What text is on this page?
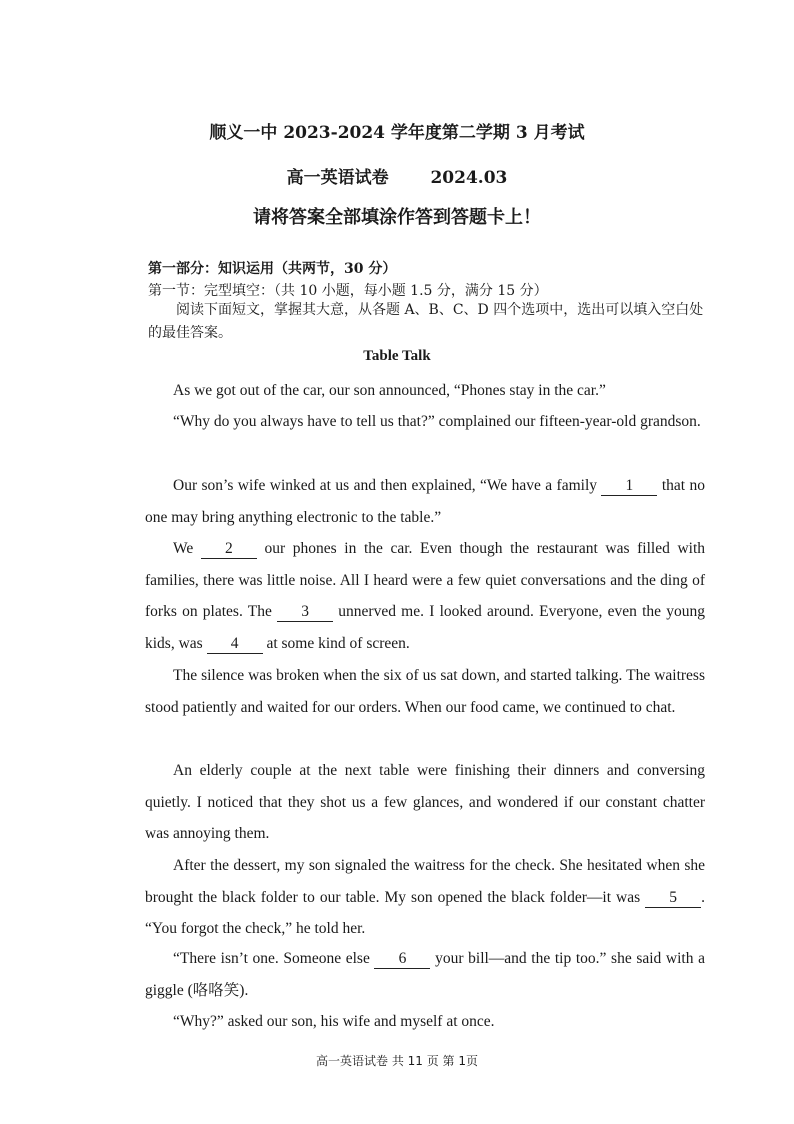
顺义一中 2023-2024 学年度第二学期 3 月考试
高一英语试卷 2024.03
请将答案全部填涂作答到答题卡上！
第一部分：知识运用（共两节，30 分）
第一节：完型填空：（共 10 小题，每小题 1.5 分，满分 15 分）
阅读下面短文，掌握其大意，从各题 A、B、C、D 四个选项中，选出可以填入空白处的最佳答案。
Table Talk
As we got out of the car, our son announced, “Phones stay in the car.”
“Why do you always have to tell us that?” complained our fifteen-year-old grandson.
Our son’s wife winked at us and then explained, “We have a family 1 that no one may bring anything electronic to the table.”
We 2 our phones in the car. Even though the restaurant was filled with families, there was little noise. All I heard were a few quiet conversations and the ding of forks on plates. The 3 unnerved me. I looked around. Everyone, even the young kids, was 4 at some kind of screen.
The silence was broken when the six of us sat down, and started talking. The waitress stood patiently and waited for our orders. When our food came, we continued to chat.
An elderly couple at the next table were finishing their dinners and conversing quietly. I noticed that they shot us a few glances, and wondered if our constant chatter was annoying them.
After the dessert, my son signaled the waitress for the check. She hesitated when she brought the black folder to our table. My son opened the black folder—it was 5 . “You forgot the check,” he told her.
“There isn’t one. Someone else 6 your bill—and the tip too.” she said with a giggle (咯咯笑).
“Why?” asked our son, his wife and myself at once.
高一英语试卷 共 11 页 第 1页
